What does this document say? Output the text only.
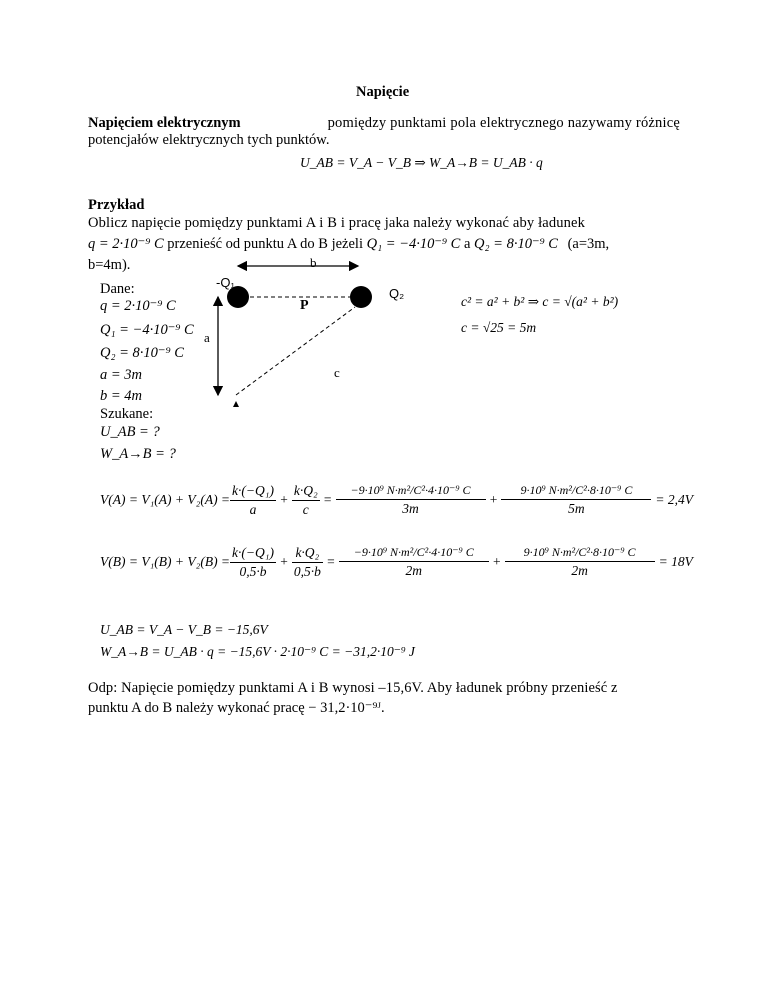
Napięcie
Napięciem elektrycznym	pomiędzy punktami pola elektrycznego nazywamy różnicę
potencjałów elektrycznych tych punktów.
U_AB = V_A − V_B ⇒ W_A→B = U_AB · q
Przykład
Oblicz napięcie pomiędzy punktami A i B i pracę jaka należy wykonać aby ładunek
q = 2·10⁻⁹ C przenieść od punktu A do B jeżeli Q₁ = −4·10⁻⁹ C a Q₂ = 8·10⁻⁹ C (a=3m,
b=4m).
Dane:
q = 2·10⁻⁹ C
Q₁ = −4·10⁻⁹ C
Q₂ = 8·10⁻⁹ C
a = 3m
b = 4m
Szukane:
U_AB = ?
W_A→B = ?
b
-Q₁
Q₂
P
a
c
c² = a² + b² ⇒ c = √(a² + b²)
c = √25 = 5m
$V(A) = V_1(A) + V_2(A) = \frac{\text{k·(−Q₁)}}{a} + \frac{\text{k·Q₂}}{c} = \frac{\text{−9·10⁹ N·m²/C²·4·10⁻⁹ C}}{3m} + \frac{\text{9·10⁹ N·m²/C²·8·10⁻⁹ C}}{5m} = 2,4V$
$V(B) = V_1(B) + V_2(B) = \frac{\text{k·(−Q₁)}}{0,5\cdot b} + \frac{\text{k·Q₂}}{0,5\cdot b} = \frac{\text{−9·10⁹ N·m²/C²·4·10⁻⁹ C}}{2m} + \frac{\text{9·10⁹ N·m²/C²·8·10⁻⁹ C}}{2m} = 18V$
U_AB = V_A − V_B = −15,6V
W_A→B = U_AB · q = −15,6V · 2·10⁻⁹ C = −31,2·10⁻⁹ J
Odp: Napięcie pomiędzy punktami A i B wynosi –15,6V. Aby ładunek próbny przenieść z
punktu A do B należy wykonać pracę − 31,2·10⁻⁹ᴶ.
